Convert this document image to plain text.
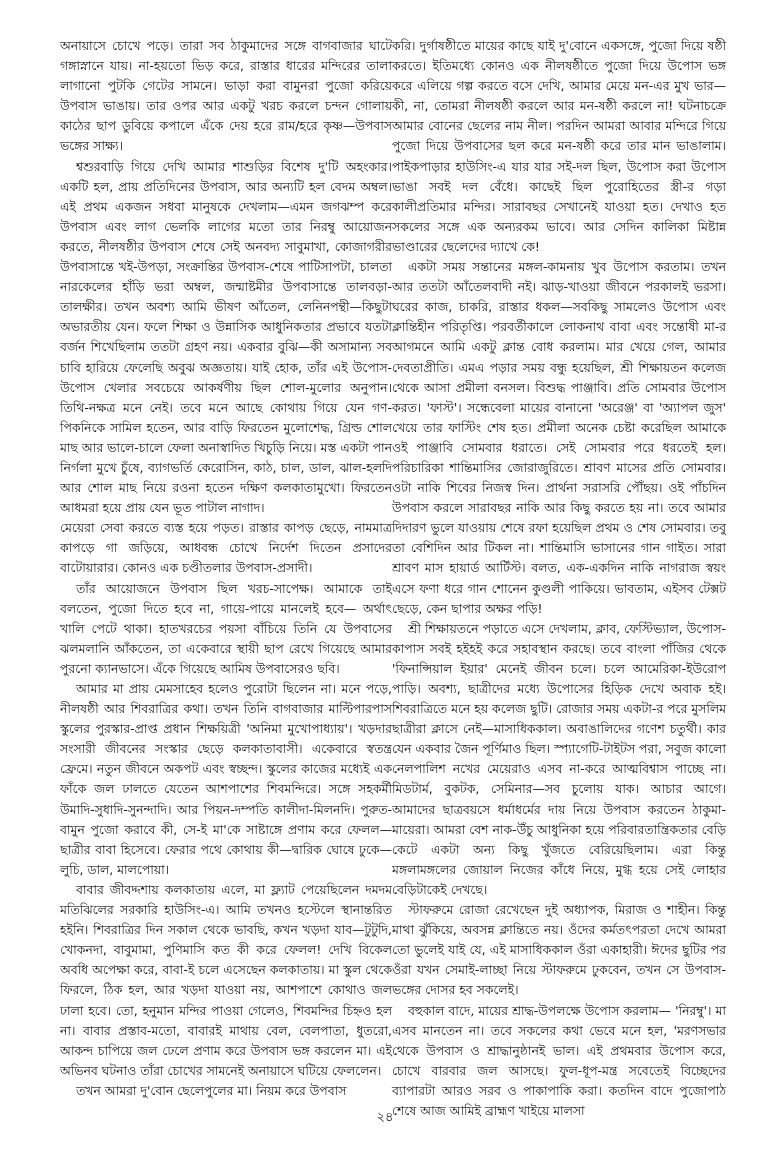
অনায়াসে চোখে পড়ে। তারা সব ঠাকুমাদের সঙ্গে বাগবাজার ঘাটে গঙ্গাস্নানে যায়। না-হয়তো ভিড় করে, রাস্তার ধারের মন্দিরের তালা লাগানো পুটকি গেটের সামনে। ভাড়া করা বামুনরা পুজো করিয়ে উপবাস ভাঙায়। তার ওপর আর একটু খরচ করলে চন্দন গোলায় কাঠের ছাপ ডুবিয়ে কপালে এঁকে দেয় হরে রাম/হরে কৃষ্ণ—উপবাস ভঙ্গের সাক্ষ্য।

শ্বশুরবাড়ি গিয়ে দেখি আমার শাশুড়ির বিশেষ দু'টি অহংকার। একটি হল, প্রায় প্রতিদিনের উপবাস, আর অন্যটি হল বেদম অম্বল। এই প্রথম একজন সধবা মানুষকে দেখলাম—এমন জগঝম্প করে উপবাস এবং লাগ ভেলকি লাগের মতো তার নিরম্বু আয়োজন করতে, নীলষষ্ঠীর উপবাস শেষে সেই অনবদ্য সাবুমাখা, কোজাগরীর উপবাসান্তে খই-উপড়া, সংক্রান্তির উপবাস-শেষে পাটিসাপটা, চালতা নারকেলের হাঁড়ি ভরা অম্বল, জন্মাষ্টমীর উপবাসান্তে তালবড়া-তালক্ষীর। তখন অবশ্য আমি ভীষণ আঁতেল, লেনিনপন্থী—কিছুটা অভারতীয় যেন। ফলে শিক্ষা ও উন্নাসিক আধুনিকতার প্রভাবে যতটা বর্জন শিখেছিলাম ততটা গ্রহণ নয়। একবার বুঝি—কী অসামান্য সব চাবি হারিয়ে ফেলেছি অবুঝ অজ্ঞতায়। যাই হোক, তাঁর এই উপোস-উপোস খেলার সবচেয়ে আকর্ষণীয় ছিল শোল-মুলোর অনুপান। তিথি-নক্ষত্র মনে নেই। তবে মনে আছে কোথায় গিয়ে যেন গণ-পিকনিকে সামিল হতেন, আর বাড়ি ফিরতেন মুলোশেদ্ধ, গ্রিল্ড শোল মাছ আর ভালে-চালে ফেলা অনাস্বাদিত খিচুড়ি নিয়ে। মস্ত একটা পান নির্গলা মুখে চুঁষে, ব্যাগভর্তি কেরোসিন, কাঠ, চাল, ডাল, ঝাল-হলদি আর শোল মাছ নিয়ে রওনা হতেন দক্ষিণ কলকাতামুখো। ফিরতেন আধমরা হয়ে প্রায় যেন ভূত পাটাল নাগাদ।

মেয়েরা সেবা করতে ব্যস্ত হয়ে পড়ত। রাস্তার কাপড় ছেড়ে, নামমাত্র কাপড়ে গা জড়িয়ে, আধবন্ধ চোখে নির্দেশ দিতেন প্রসাদের বাটোয়ারার। কোনও এক চণ্ডীতলার উপবাস-প্রসাদী।

তাঁর আয়োজনে উপবাস ছিল খরচ-সাপেক্ষ। আমাকে তাই বলতেন, পুজো দিতে হবে না, গায়ে-পায়ে মানলেই হবে— অর্থাৎ খালি পেটে থাকা। হাতখরচের পয়সা বাঁচিয়ে তিনি যে উপবাসের ঝলমলানি আঁকতেন, তা একেবারে স্থায়ী ছাপ রেখে গিয়েছে আমার পুরনো ক্যানভাসে। এঁকে গিয়েছে আমিষ উপবাসেরও ছবি।

আমার মা প্রায় মেমসাহেব হলেও পুরোটা ছিলেন না। মনে পড়ে, নীলষষ্ঠী আর শিবরাত্রির কথা। তখন তিনি বাগবাজার মাল্টিপারপাস স্কুলের পুরস্কার-প্রাপ্ত প্রধান শিক্ষয়িত্রী 'অনিমা মুখোপাধ্যায়'। খড়দার সংসারী জীবনের সংস্কার ছেড়ে কলকাতাবাসী। একেবারে স্বতন্ত্র ফ্রেমে। নতুন জীবনে অকপট এবং স্বচ্ছন্দ। স্কুলের কাজের মধ্যেই এক ফাঁকে জল ঢালতে যেতেন আশপাশের শিবমন্দিরে। সঙ্গে সহকর্মী উমাদি-সুধাদি-সুনন্দাদি। আর পিয়ন-দম্পতি কালীদা-মিলনদি। পুরুত-বামুন পুজো করাবে কী, সে-ই মা'কে সাষ্টাঙ্গে প্রণাম করে ফেলল—ছাত্রীর বাবা হিসেবে। ফেরার পথে কোথায় কী—দ্বারিক ঘোষে ঢুকে—লুচি, ডাল, মালপোয়া।

বাবার জীবদ্দশায় কলকাতায় এলে, মা ফ্ল্যাট পেয়েছিলেন দমদম মতিঝিলের সরকারি হাউসিং-এ। আমি তখনও হস্টেলে স্থানান্তরিত হইনি। শিবরাত্রির দিন সকাল থেকে ভাবছি, কখন খড়দা যাব—টুটুদি, খোকনদা, বাবুমামা, পুণিমাসি কত কী করে ফেলল! দেখি বিকেল অবধি অপেক্ষা করে, বাবা-ই চলে এসেছেন কলকাতায়। মা স্কুল থেকে ফিরলে, ঠিক হল, আর খড়দা যাওয়া নয়, আশপাশে কোথাও জল ঢালা হবে। তো, হনুমান মন্দির পাওয়া গেলেও, শিবমন্দির চিহ্নও হল না। বাবার প্রস্তাব-মতো, বাবারই মাথায় বেল, বেলপাতা, ধুতরো, আকন্দ চাপিয়ে জল ঢেলে প্রণাম করে উপবাস ভঙ্গ করলেন মা। এই অভিনব ঘটনাও তাঁরা চোখের সামনেই অনায়াসে ঘটিয়ে ফেললেন।

তখন আমরা দু'বোন ছেলেপুলের মা। নিয়ম করে উপবাস

করি। দুর্গাষষ্ঠীতে মায়ের কাছে যাই দু'বোনে একসঙ্গে, পুজো দিয়ে ষষ্ঠী করতে। ইতিমধ্যে কোনও এক নীলষষ্ঠীতে পুজো দিয়ে উপোস ভঙ্গ করে এলিয়ে গল্প করতে বসে দেখি, আমার মেয়ে মন-এর মুখ ভার—কী, না, তোমরা নীলষষ্ঠী করলে আর মন-ষষ্ঠী করলে না! ঘটনাচক্রে আমার বোনের ছেলের নাম নীল। পরদিন আমরা আবার মন্দিরে গিয়ে পুজো দিয়ে উপবাসের ছল করে মন-ষষ্ঠী করে তার মান ভাঙালাম। পাইকপাড়ার হাউসিং-এ যার যার সই-দল ছিল, উপোস করা উপোস ভাঙা সবই দল বেঁধে। কাছেই ছিল পুরোহিতের স্ত্রী-র গড়া কালীপ্রতিমার মন্দির। সারাবছর সেখানেই যাওয়া হত। দেখাও হত সকলের সঙ্গে এক অন্যরকম ভাবে। আর সেদিন কালিকা মিষ্টান্ন ভাণ্ডারের ছেলেদের দ্যাখে কে!

একটা সময় সন্তানের মঙ্গল-কামনায় খুব উপোস করতাম। তখন আর ততটা আঁতেলবাদী নই। ঝাড়-খাওয়া জীবনে পরকালই ভরসা। ঘরের কাজ, চাকরি, রাস্তার ধকল—সবকিছু সামলেও উপোস এবং ক্লান্তিহীন পরিতৃপ্তি। পরবর্তীকালে লোকনাথ বাবা এবং সন্তোষী মা-র আগমনে আমি একটু ক্লান্ত বোধ করলাম। মার খেয়ে গেল, আমার দেবতাপ্রীতি। এমএ পড়ার সময় বন্ধু হয়েছিল, শ্রী শিক্ষায়তন কলেজ থেকে আসা প্রমীলা বনসল। বিশুদ্ধ পাঞ্জাবি। প্রতি সোমবার উপোস করত। 'ফাস্ট'। সন্ধেবেলা মায়ের বানানো 'অরেঞ্জ' বা 'অ্যাপল জুস' খেয়ে তার ফাস্টিং শেষ হত। প্রমীলা অনেক চেষ্টা করেছিল আমাকে ওই পাঞ্জাবি সোমবার ধরাতে। সেই সোমবার পরে ধরতেই হল। পরিচারিকা শান্তিমাসির জোরাজুরিতে। শ্রাবণ মাসের প্রতি সোমবার। ওটা নাকি শিবের নিজস্ব দিন। প্রার্থনা সরাসরি পৌঁছয়। ওই পাঁচদিন উপবাস করলে সারাবছর নাকি আর কিছু করতে হয় না। তবে আমার দিদারণ ভুলে যাওয়ায় শেষে রফা হয়েছিল প্রথম ও শেষ সোমবার। তবু তা বেশিদিন আর টিকল না। শান্তিমাসি ভাসানের গান গাইত। সারা শ্রাবণ মাস হায়ার্ড আর্টিস্ট। বলত, এক-একদিন নাকি নাগরাজ স্বয়ং এসে ফণা ধরে গান শোনেন কুণ্ডলী পাকিয়ে। ভাবতাম, এইসব টেক্সট ছেড়ে, কেন ছাপার অক্ষর পড়ি!

শ্রী শিক্ষায়তনে পড়াতে এসে দেখলাম, ক্লাব, ফেস্টিভ্যাল, উপোস-কাপাস সবই হইহই করে সহাবস্থান করছে। তবে বাংলা পাঁজির থেকে 'ফিনান্সিয়াল ইয়ার' মেনেই জীবন চলে। চলে আমেরিকা-ইউরোপ পাড়ি। অবশ্য, ছাত্রীদের মধ্যে উপোসের হিড়িক দেখে অবাক হই। শিবরাত্রিতে মনে হয় কলেজ ছুটি। রোজার সময় একটা-র পরে মুসলিম ছাত্রীরা ক্লাসে নেই—মাসাধিককাল। অবাঙালিদের গণেশ চতুর্থী। কার যেন একবার জৈন পূর্ণিমাও ছিল। স্প্যাগেটি-টাইটস পরা, সবুজ কালো নেলপালিশ নখের মেয়েরাও এসব না-করে আত্মবিশ্বাস পাচ্ছে না। মিডটার্ম, বুকটক, সেমিনার—সব চুলোয় যাক। আচার আগে। আমাদের ছাত্রবয়সে ধর্মাধর্মের দায় নিয়ে উপবাস করতেন ঠাকুমা-মায়েরা। আমরা বেশ নাক-উঁচু আধুনিকা হয়ে পরিবারতান্ত্রিকতার বেড়ি কেটে একটা অন্য কিছু খুঁজতে বেরিয়েছিলাম। এরা কিন্তু মঙ্গলামঙ্গলের জোয়াল নিজের কাঁধে নিয়ে, মুগ্ধ হয়ে সেই লোহার বেড়িটাকেই দেখছে।

স্টাফরুমে রোজা রেখেছেন দুই অধ্যাপক, মিরাজ ও শাহীন। কিন্তু মাথা ঝুঁকিয়ে, অবসন্ন ক্লান্তিতে নয়। ওঁদের কর্মতৎপরতা দেখে আমরা তো ভুলেই যাই যে, এই মাসাধিককাল ওঁরা একাহারী। ঈদের ছুটির পর ওঁরা যখন সেমাই-লাচ্ছা নিয়ে স্টাফরুমে ঢুকবেন, তখন সে উপবাস-ভঙ্গের দোসর হব সকলেই।

বহুকাল বাদে, মায়ের শ্রাদ্ধ-উপলক্ষে উপোস করলাম— 'নিরম্বু'। মা এসব মানতেন না। তবে সকলের কথা ভেবে মনে হল, 'মরণসভার থেকে উপবাস ও শ্রাদ্ধানুষ্ঠানই ভাল। এই প্রথমবার উপোস করে, চোখে বারবার জল আসছে। ফুল-ধূপ-মন্ত্র সবেতেই বিচ্ছেদের ব্যাপারটা আরও সরব ও পাকাপাকি করা। কতদিন বাদে পুজোপাঠ শেষে আজ আমিই ব্রাহ্মণ খাইয়ে মালসা

২৪
